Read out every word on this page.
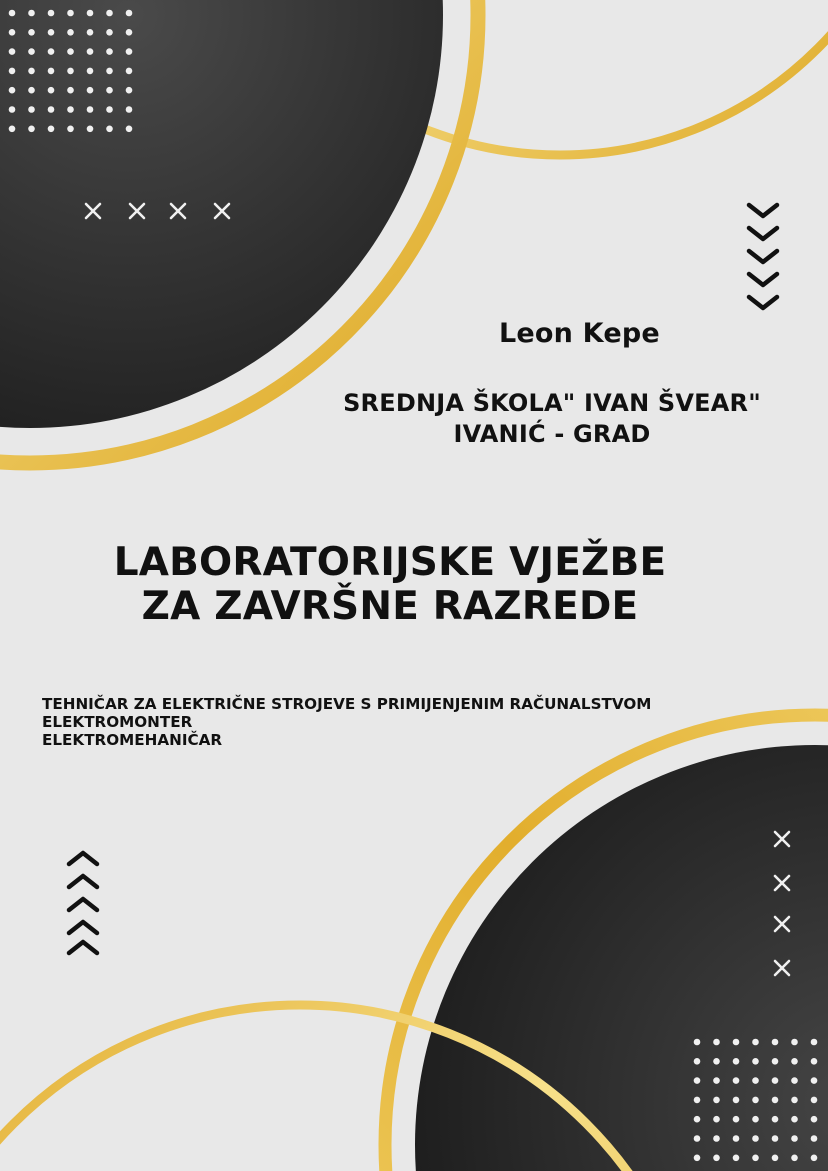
Leon Kepe
SREDNJA ŠKOLA" IVAN ŠVEAR"
IVANIĆ - GRAD
LABORATORIJSKE VJEŽBE
ZA ZAVRŠNE RAZREDE
TEHNIČAR ZA ELEKTRIČNE STROJEVE S PRIMIJENJENIM RAČUNALSTVOM
ELEKTROMONTER
ELEKTROMEHANIČAR
